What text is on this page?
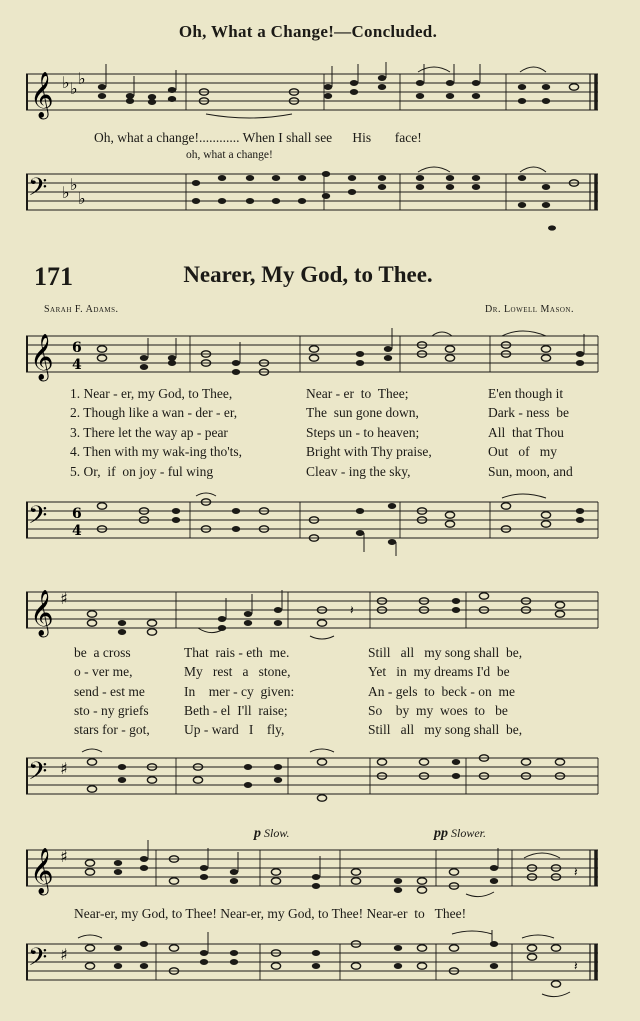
Oh, What a Change!—Concluded.
𝄞 ♭ ♭
♭
Oh, what a change!............ When I shall see      His       face!
oh, what a change!
𝄢 ♭ ♭
♭
171	Nearer, My God, to Thee.
Sarah F. Adams.	Dr. Lowell Mason.
𝄞 6
4
1. Near - er, my God, to Thee,	Near - er  to  Thee;	E'en though it
2. Though like a wan - der - er,	The  sun gone down,	Dark - ness  be
3. There let the way ap - pear	Steps un - to heaven;	All  that Thou
4. Then with my wak-ing tho'ts,	Bright with Thy praise,	Out   of   my
5. Or,  if  on joy - ful wing	Cleav - ing the sky,	Sun, moon, and
𝄢 6
4
𝄞 ♯
𝄽
be  a cross	That  rais - eth  me.	Still   all   my song shall  be,
o - ver me,	My   rest   a   stone,	Yet   in  my dreams I'd  be
send - est me	In    mer - cy  given:	An - gels  to  beck - on  me
sto - ny griefs	Beth - el  I'll  raise;	So    by  my  woes  to   be
stars for - got,	Up - ward   I    fly,	Still   all   my song shall  be,
𝄢 ♯
p Slow.	pp Slower.
𝄞 ♯
𝄽
Near-er, my God, to Thee! Near-er, my God, to Thee! Near-er  to   Thee!
𝄢 ♯
𝄽
